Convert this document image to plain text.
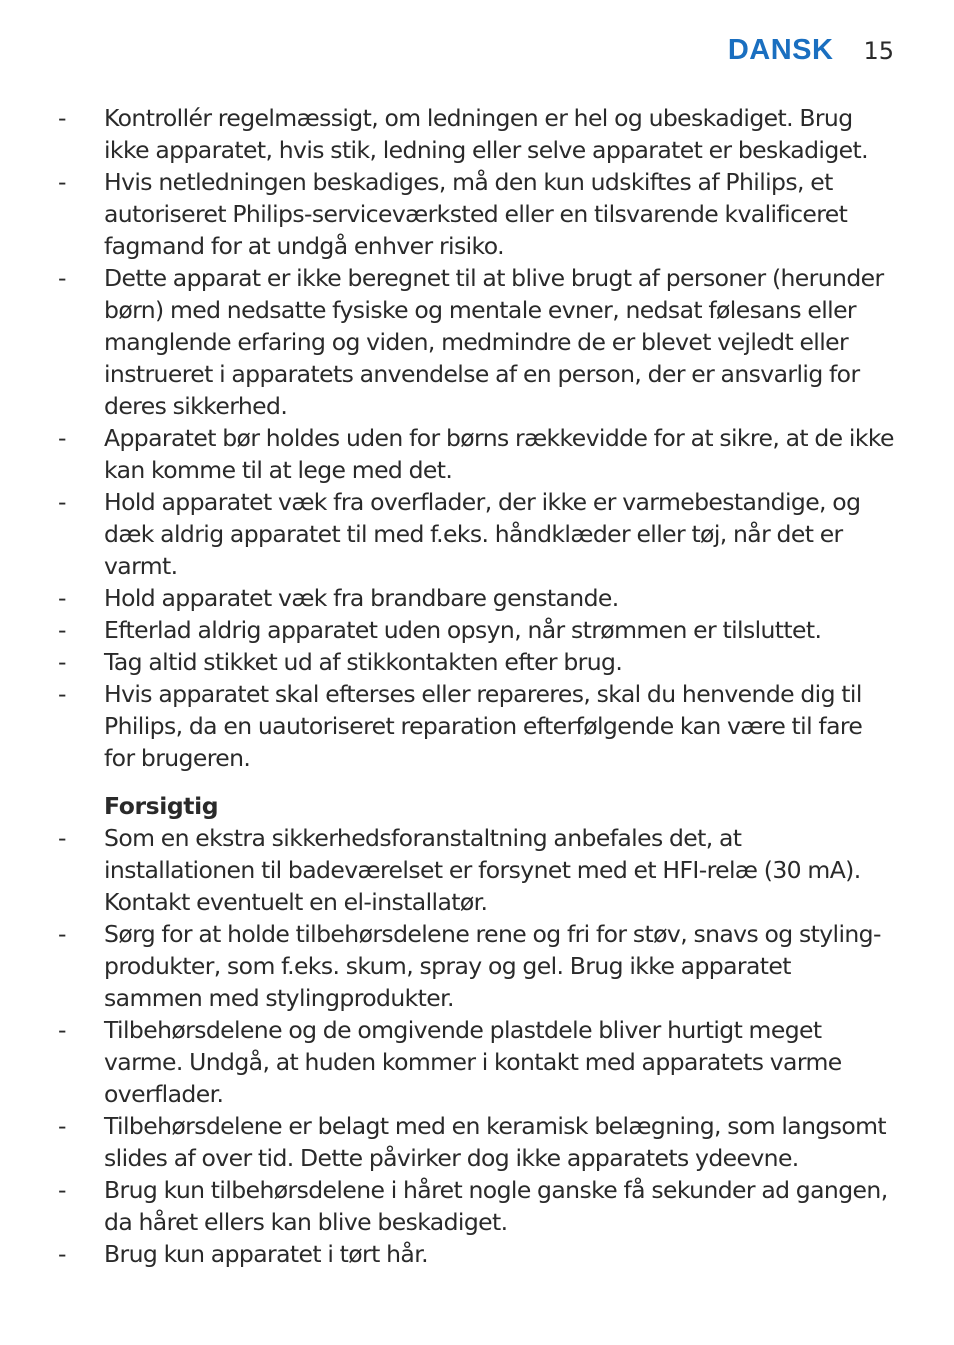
DANSK 15
- Kontrollér regelmæssigt, om ledningen er hel og ubeskadiget. Brug ikke apparatet, hvis stik, ledning eller selve apparatet er beskadiget.
- Hvis netledningen beskadiges, må den kun udskiftes af Philips, et autoriseret Philips-serviceværksted eller en tilsvarende kvalificeret fagmand for at undgå enhver risiko.
- Dette apparat er ikke beregnet til at blive brugt af personer (herunder børn) med nedsatte fysiske og mentale evner, nedsat følesans eller manglende erfaring og viden, medmindre de er blevet vejledt eller instrueret i apparatets anvendelse af en person, der er ansvarlig for deres sikkerhed.
- Apparatet bør holdes uden for børns rækkevidde for at sikre, at de ikke kan komme til at lege med det.
- Hold apparatet væk fra overflader, der ikke er varmebestandige, og dæk aldrig apparatet til med f.eks. håndklæder eller tøj, når det er varmt.
- Hold apparatet væk fra brandbare genstande.
- Efterlad aldrig apparatet uden opsyn, når strømmen er tilsluttet.
- Tag altid stikket ud af stikkontakten efter brug.
- Hvis apparatet skal efterses eller repareres, skal du henvende dig til Philips, da en uautoriseret reparation efterfølgende kan være til fare for brugeren.
Forsigtig
- Som en ekstra sikkerhedsforanstaltning anbefales det, at installationen til badeværelset er forsynet med et HFI-relæ (30 mA). Kontakt eventuelt en el-installatør.
- Sørg for at holde tilbehørsdelene rene og fri for støv, snavs og styling-produkter, som f.eks. skum, spray og gel. Brug ikke apparatet sammen med stylingprodukter.
- Tilbehørsdelene og de omgivende plastdele bliver hurtigt meget varme. Undgå, at huden kommer i kontakt med apparatets varme overflader.
- Tilbehørsdelene er belagt med en keramisk belægning, som langsomt slides af over tid. Dette påvirker dog ikke apparatets ydeevne.
- Brug kun tilbehørsdelene i håret nogle ganske få sekunder ad gangen, da håret ellers kan blive beskadiget.
- Brug kun apparatet i tørt hår.
